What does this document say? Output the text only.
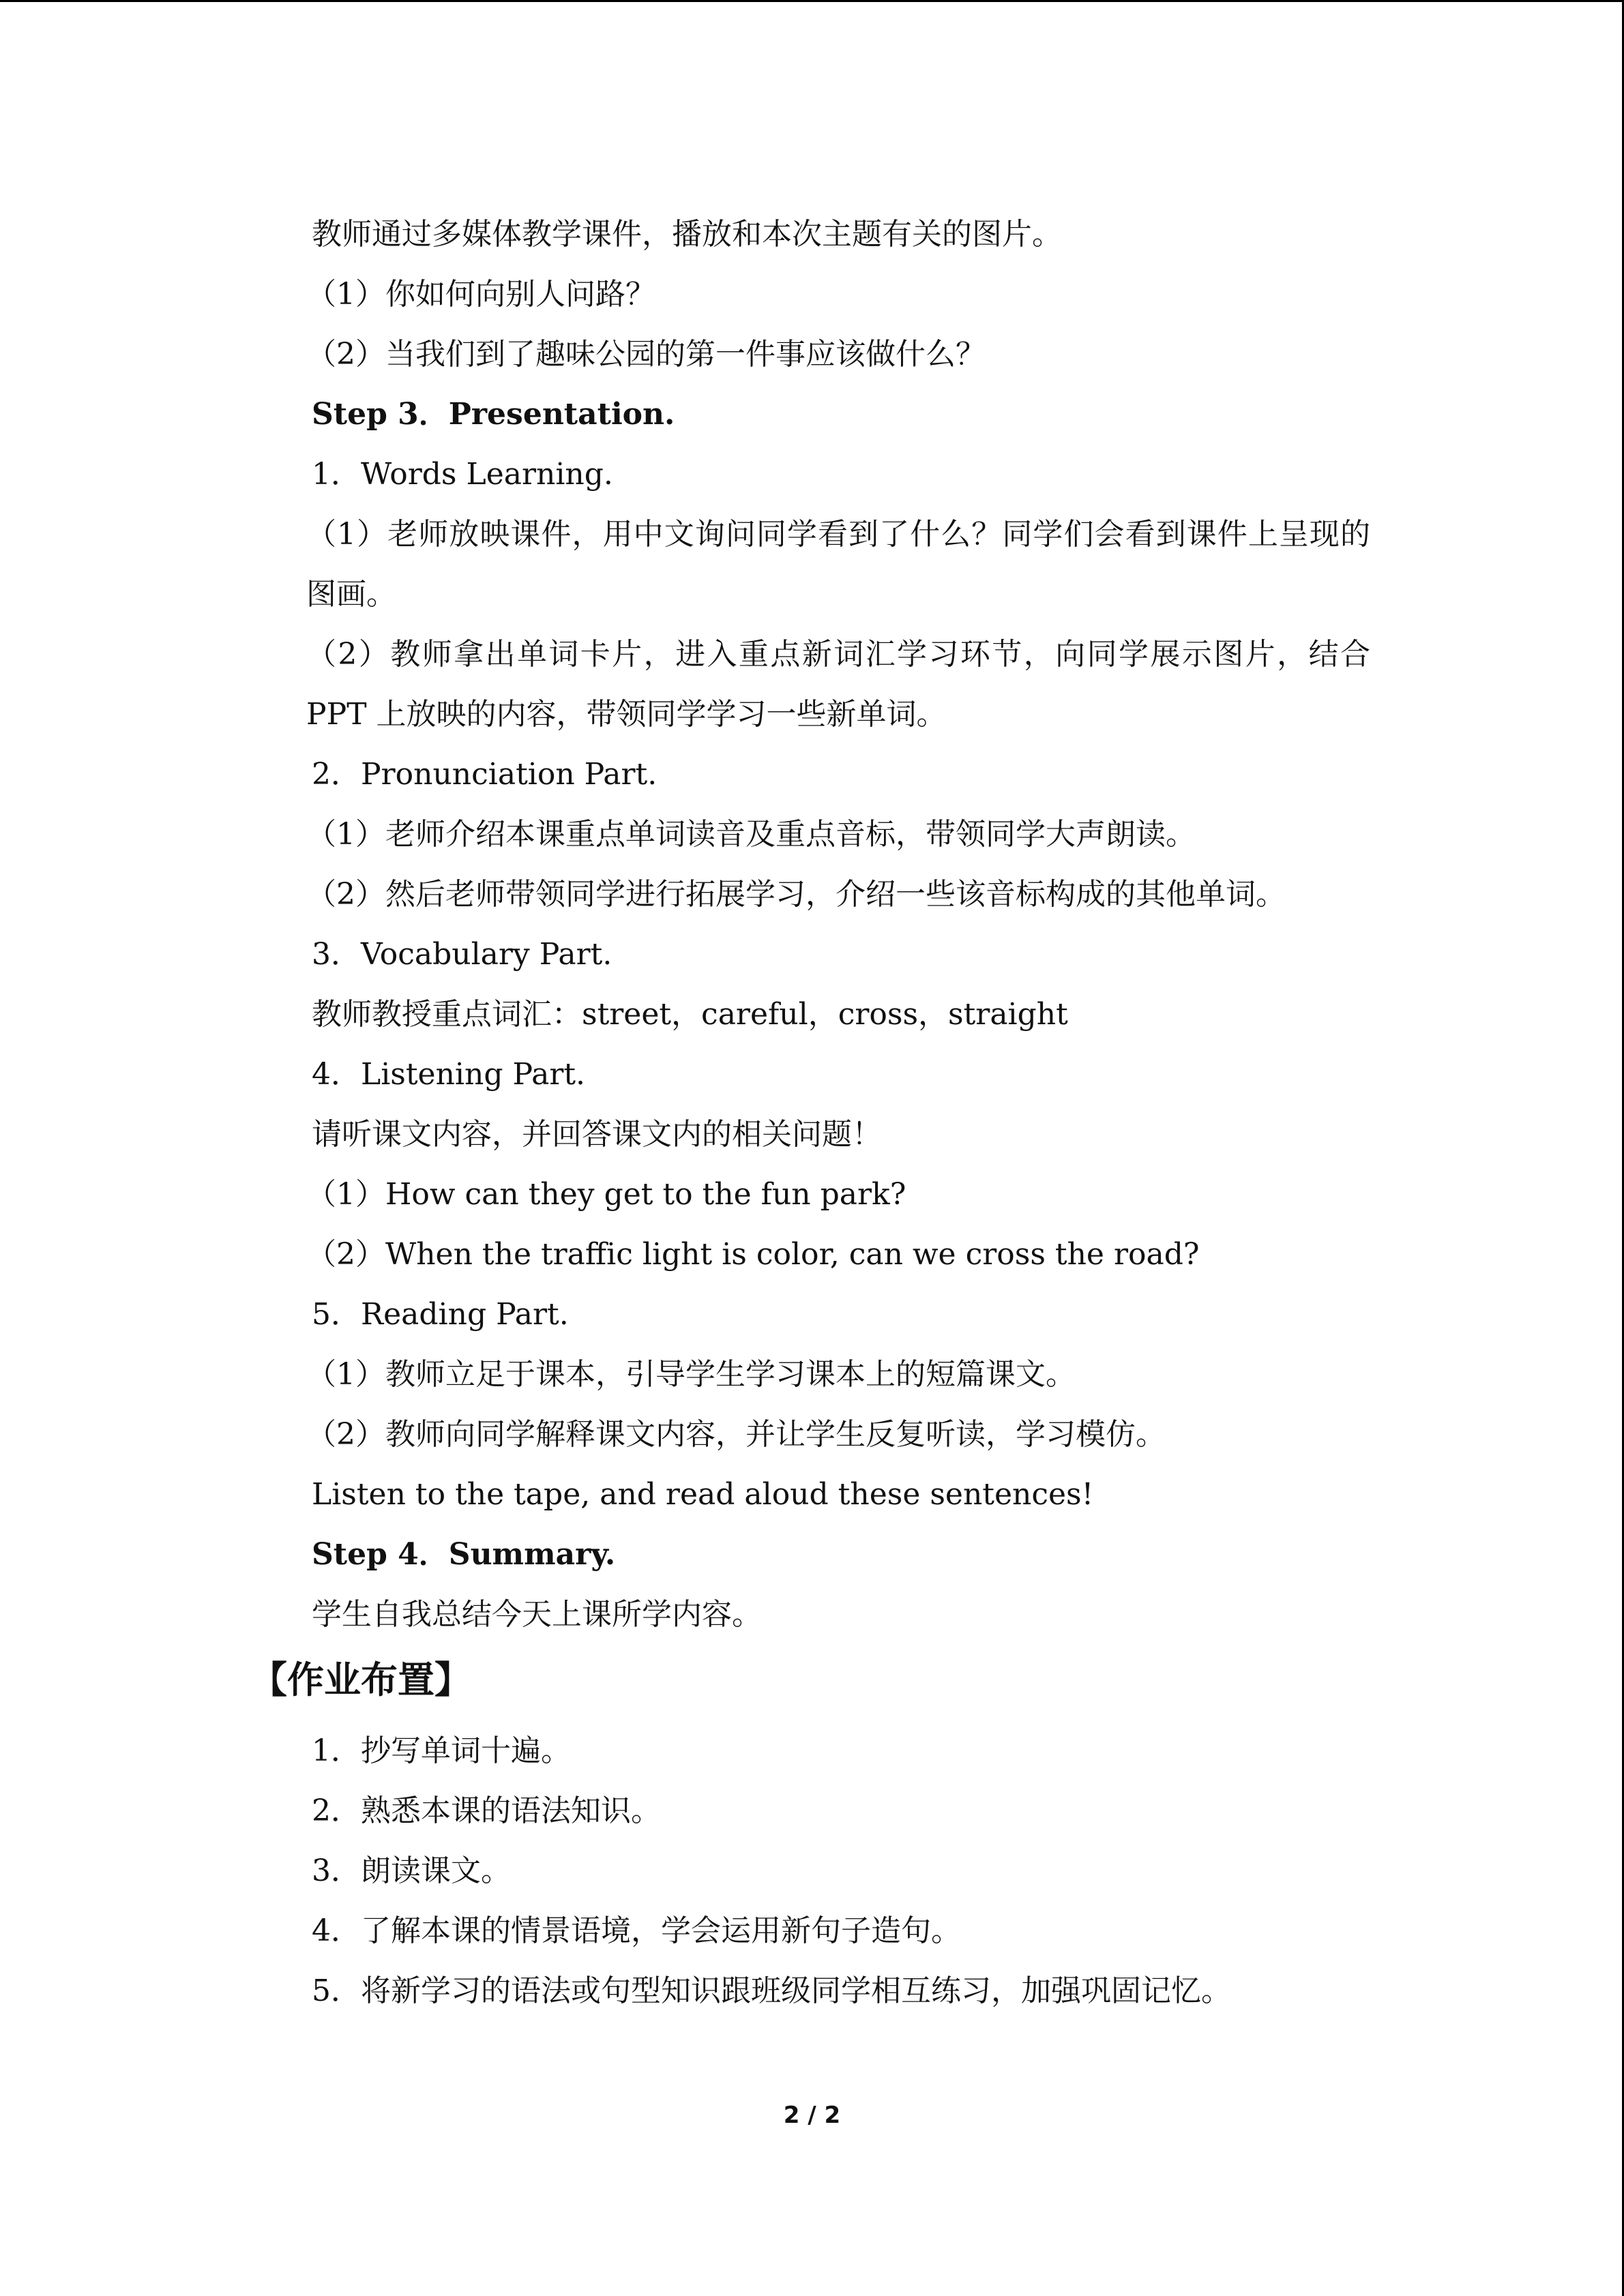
教师通过多媒体教学课件，播放和本次主题有关的图片。
（1）你如何向别人问路？
（2）当我们到了趣味公园的第一件事应该做什么？
Step 3．Presentation.
1．Words Learning.
（1）老师放映课件，用中文询问同学看到了什么？同学们会看到课件上呈现的图画。
（2）教师拿出单词卡片，进入重点新词汇学习环节，向同学展示图片，结合 PPT 上放映的内容，带领同学学习一些新单词。
2．Pronunciation Part.
（1）老师介绍本课重点单词读音及重点音标，带领同学大声朗读。
（2）然后老师带领同学进行拓展学习，介绍一些该音标构成的其他单词。
3．Vocabulary Part.
教师教授重点词汇：street，careful，cross，straight
4．Listening Part.
请听课文内容，并回答课文内的相关问题！
（1）How can they get to the fun park?
（2）When the traffic light is color, can we cross the road?
5．Reading Part.
（1）教师立足于课本，引导学生学习课本上的短篇课文。
（2）教师向同学解释课文内容，并让学生反复听读，学习模仿。
Listen to the tape, and read aloud these sentences!
Step 4．Summary.
学生自我总结今天上课所学内容。
【作业布置】
1．抄写单词十遍。
2．熟悉本课的语法知识。
3．朗读课文。
4．了解本课的情景语境，学会运用新句子造句。
5．将新学习的语法或句型知识跟班级同学相互练习，加强巩固记忆。
2 / 2
